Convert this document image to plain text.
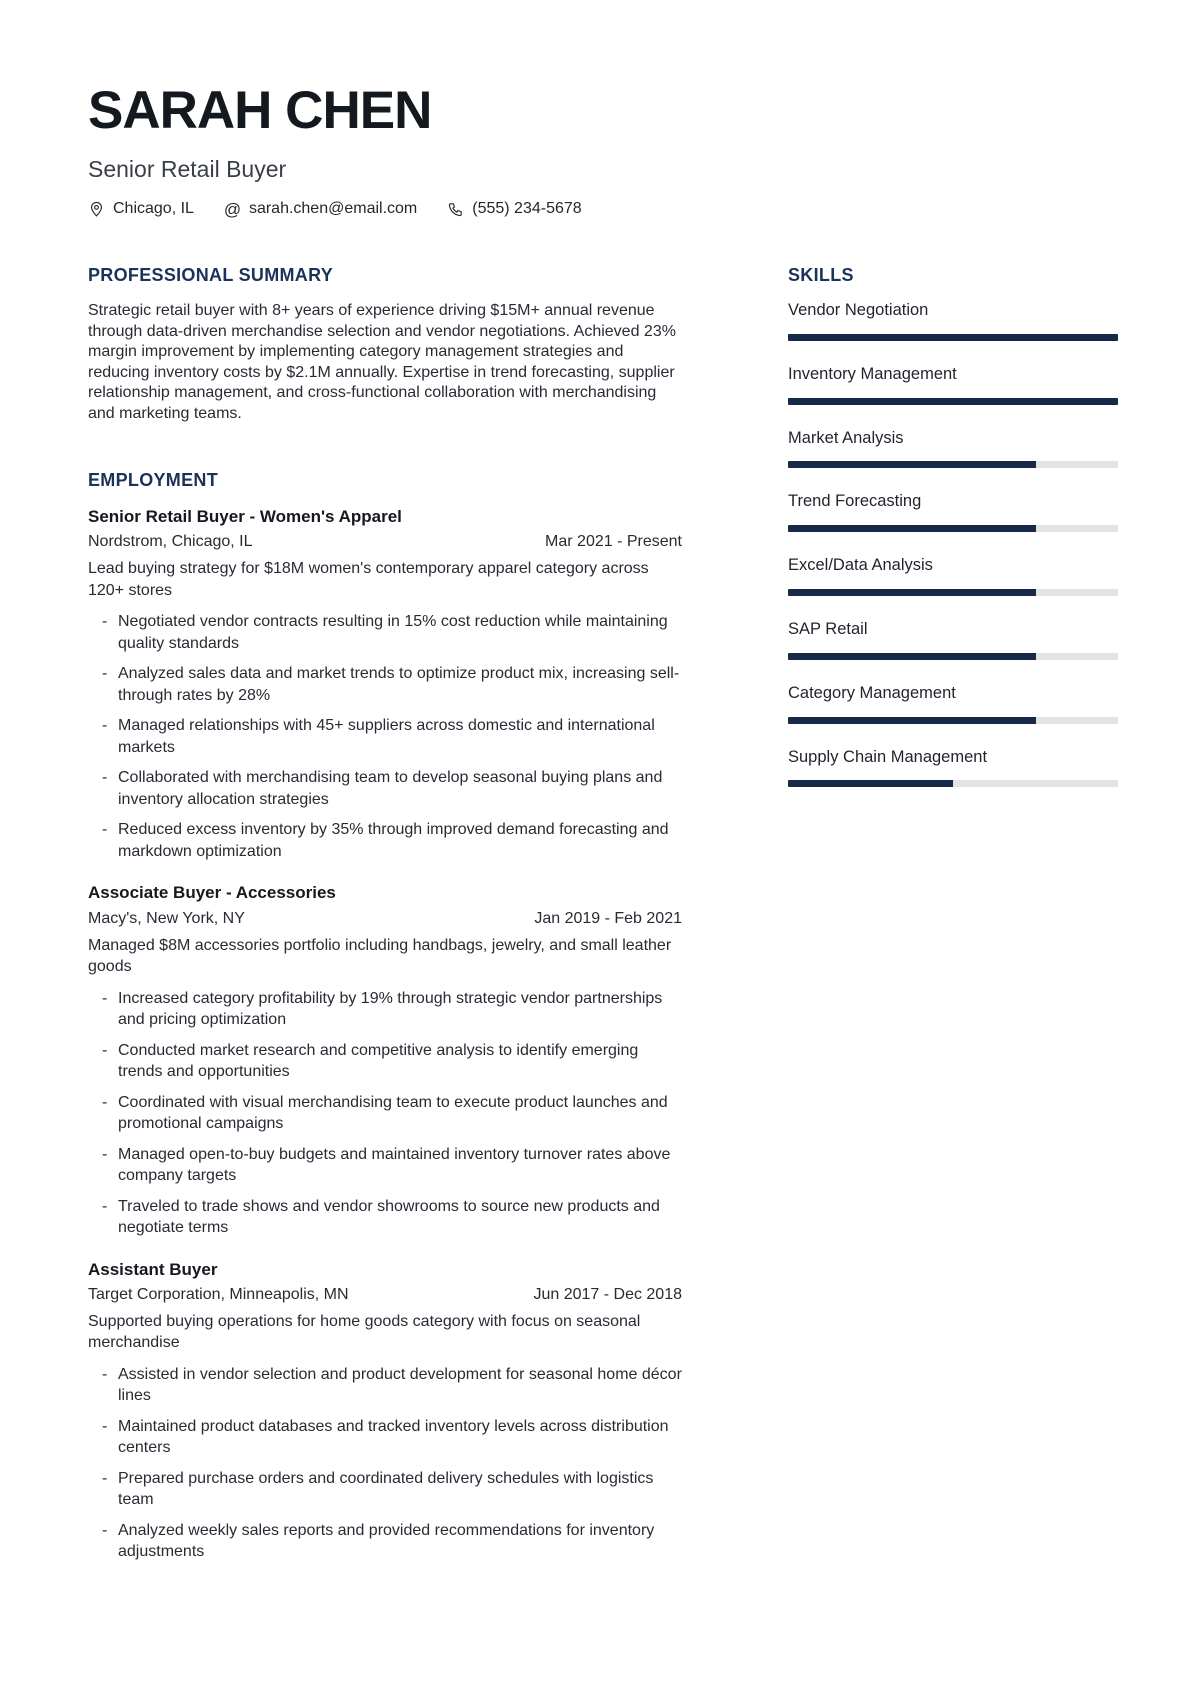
SARAH CHEN
Senior Retail Buyer
Chicago, IL @ sarah.chen@email.com	(555) 234-5678
PROFESSIONAL SUMMARY

Strategic retail buyer with 8+ years of experience driving $15M+ annual revenue through data-driven merchandise selection and vendor negotiations. Achieved 23% margin improvement by implementing category management strategies and reducing inventory costs by $2.1M annually. Expertise in trend forecasting, supplier relationship management, and cross-functional collaboration with merchandising and marketing teams.

EMPLOYMENT
Senior Retail Buyer - Women's Apparel
Nordstrom, Chicago, IL	Mar 2021 - Present

Lead buying strategy for $18M women's contemporary apparel category across 120+ stores

- Negotiated vendor contracts resulting in 15% cost reduction while maintaining quality standards
- Analyzed sales data and market trends to optimize product mix, increasing sell-through rates by 28%
- Managed relationships with 45+ suppliers across domestic and international markets
- Collaborated with merchandising team to develop seasonal buying plans and inventory allocation strategies
- Reduced excess inventory by 35% through improved demand forecasting and markdown optimization
Associate Buyer - Accessories
Macy's, New York, NY	Jan 2019 - Feb 2021

Managed $8M accessories portfolio including handbags, jewelry, and small leather goods

- Increased category profitability by 19% through strategic vendor partnerships and pricing optimization
- Conducted market research and competitive analysis to identify emerging trends and opportunities
- Coordinated with visual merchandising team to execute product launches and promotional campaigns
- Managed open-to-buy budgets and maintained inventory turnover rates above company targets
- Traveled to trade shows and vendor showrooms to source new products and negotiate terms
Assistant Buyer
Target Corporation, Minneapolis, MN	Jun 2017 - Dec 2018

Supported buying operations for home goods category with focus on seasonal merchandise

- Assisted in vendor selection and product development for seasonal home décor lines
- Maintained product databases and tracked inventory levels across distribution centers
- Prepared purchase orders and coordinated delivery schedules with logistics team
- Analyzed weekly sales reports and provided recommendations for inventory adjustments
SKILLS
Vendor Negotiation
Inventory Management
Market Analysis
Trend Forecasting
Excel/Data Analysis
SAP Retail
Category Management
Supply Chain Management
